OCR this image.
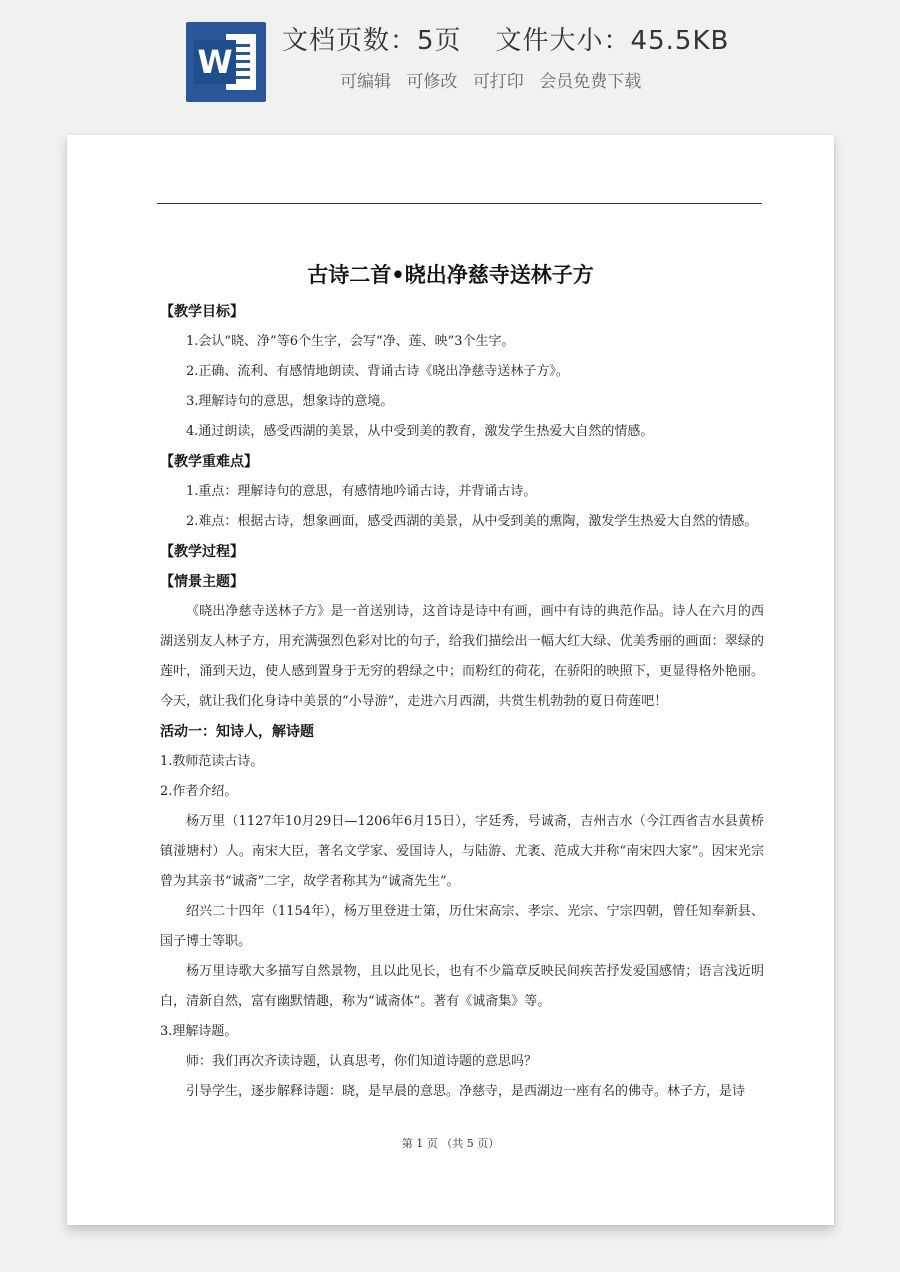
W
文档页数：5页 文件大小：45.5KB
可编辑 可修改 可打印 会员免费下载
古诗二首•晓出净慈寺送林子方

【教学目标】

1.会认“晓、净”等6个生字，会写“净、莲、映”3个生字。

2.正确、流利、有感情地朗读、背诵古诗《晓出净慈寺送林子方》。

3.理解诗句的意思，想象诗的意境。

4.通过朗读，感受西湖的美景，从中受到美的教育，激发学生热爱大自然的情感。

【教学重难点】

1.重点：理解诗句的意思，有感情地吟诵古诗，并背诵古诗。

2.难点：根据古诗，想象画面，感受西湖的美景，从中受到美的熏陶，激发学生热爱大自然的情感。

【教学过程】

【情景主题】

《晓出净慈寺送林子方》是一首送别诗，这首诗是诗中有画，画中有诗的典范作品。诗人在六月的西湖送别友人林子方，用充满强烈色彩对比的句子，给我们描绘出一幅大红大绿、优美秀丽的画面：翠绿的莲叶，涌到天边，使人感到置身于无穷的碧绿之中；而粉红的荷花，在骄阳的映照下，更显得格外艳丽。今天，就让我们化身诗中美景的“小导游”，走进六月西湖，共赏生机勃勃的夏日荷莲吧！

活动一：知诗人，解诗题

1.教师范读古诗。

2.作者介绍。

杨万里（1127年10月29日—1206年6月15日），字廷秀，号诚斋，吉州吉水（今江西省吉水县黄桥镇湴塘村）人。南宋大臣，著名文学家、爱国诗人，与陆游、尤袤、范成大并称“南宋四大家”。因宋光宗曾为其亲书“诚斋”二字，故学者称其为“诚斋先生”。

绍兴二十四年（1154年），杨万里登进士第，历仕宋高宗、孝宗、光宗、宁宗四朝，曾任知奉新县、国子博士等职。

杨万里诗歌大多描写自然景物，且以此见长，也有不少篇章反映民间疾苦抒发爱国感情；语言浅近明白，清新自然，富有幽默情趣，称为“诚斋体”。著有《诚斋集》等。

3.理解诗题。

师：我们再次齐读诗题，认真思考，你们知道诗题的意思吗？

引导学生，逐步解释诗题：晓，是早晨的意思。净慈寺，是西湖边一座有名的佛寺。林子方，是诗

第 1 页 （共 5 页）
